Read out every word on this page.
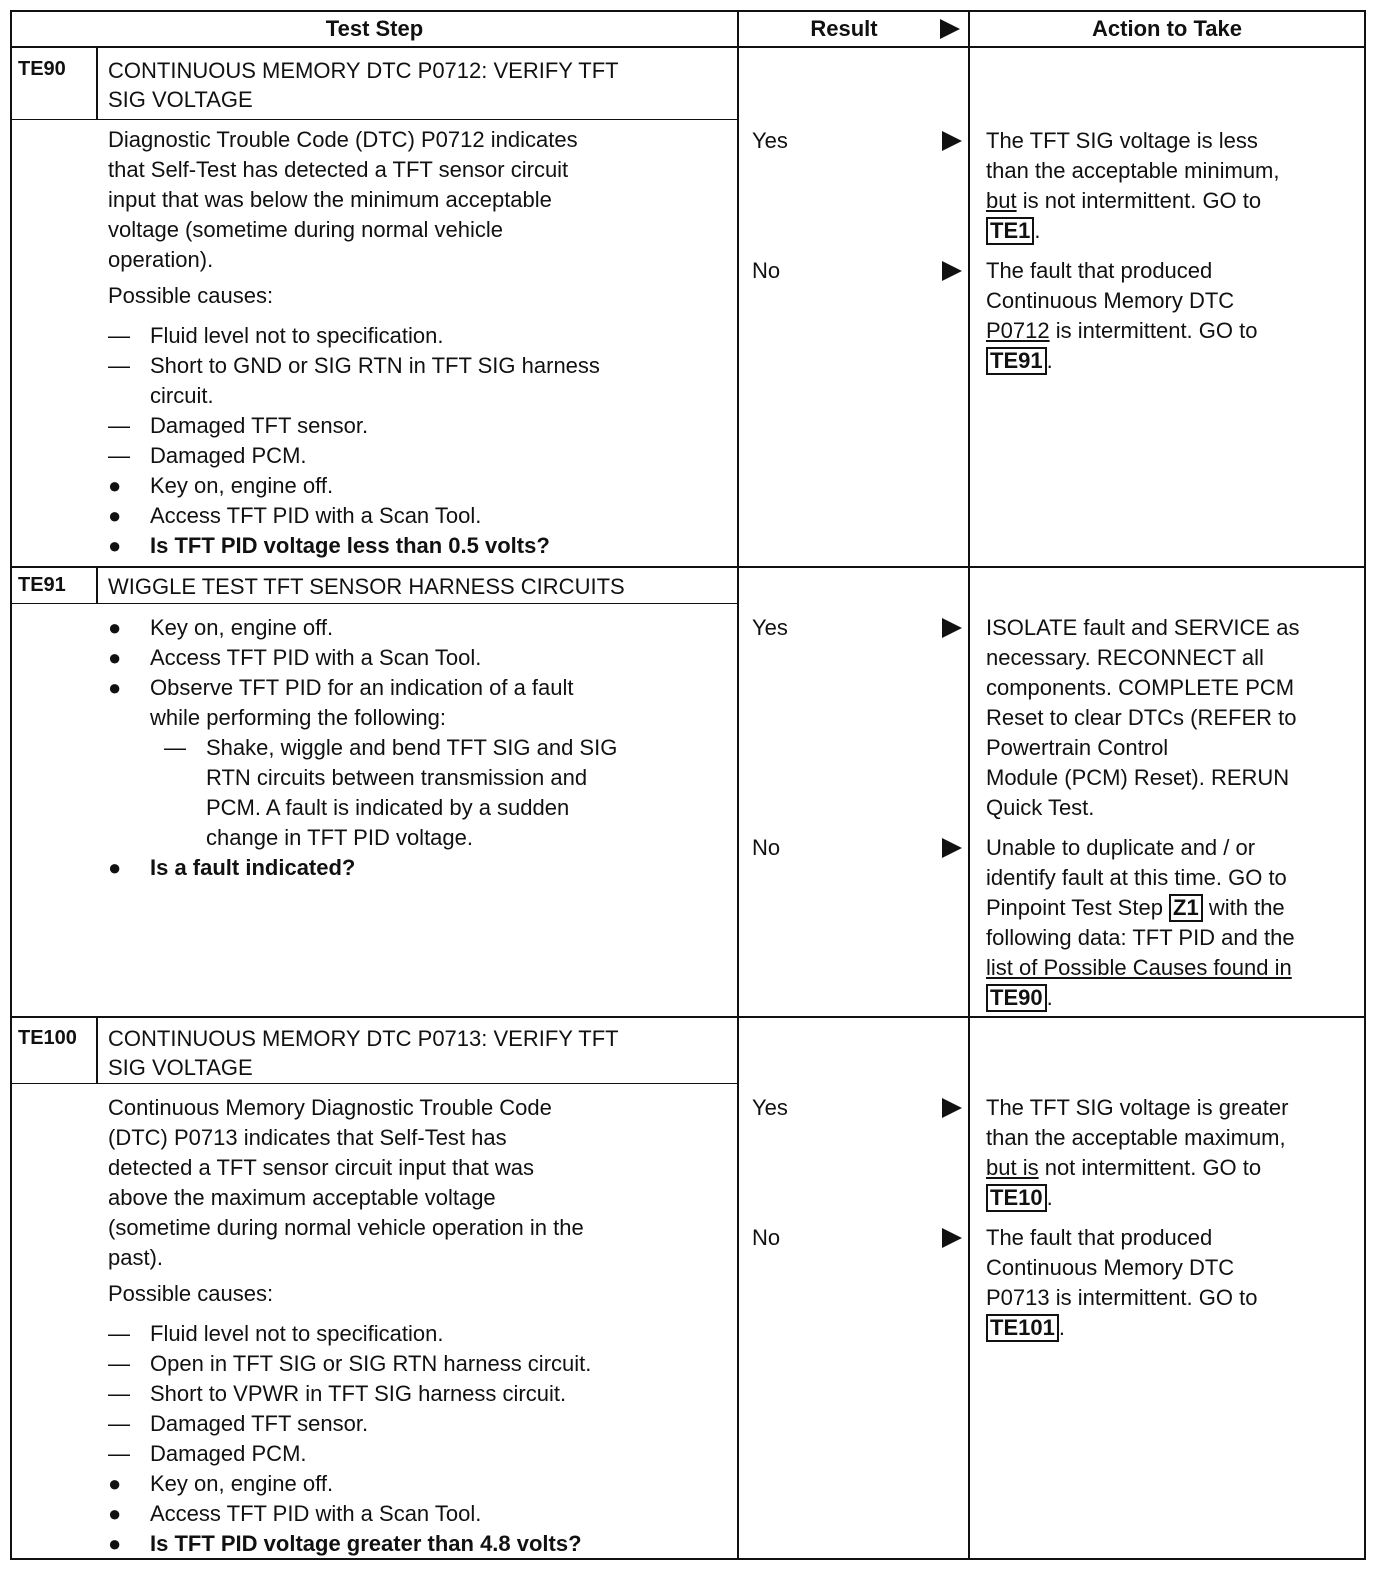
Test Step	Result	Action to Take
TE90 CONTINUOUS MEMORY DTC P0712: VERIFY TFT
SIG VOLTAGE
Diagnostic Trouble Code (DTC) P0712 indicates
that Self-Test has detected a TFT sensor circuit
input that was below the minimum acceptable
voltage (sometime during normal vehicle
operation).
Possible causes:
— Fluid level not to specification.
— Short to GND or SIG RTN in TFT SIG harness
circuit.
— Damaged TFT sensor.
— Damaged PCM.
● Key on, engine off.
● Access TFT PID with a Scan Tool.
● Is TFT PID voltage less than 0.5 volts?
Yes
No
The TFT SIG voltage is less
than the acceptable minimum,
but is not intermittent. GO to
TE1 .
The fault that produced
Continuous Memory DTC
P0712 is intermittent. GO to
TE91 .
TE91 WIGGLE TEST TFT SENSOR HARNESS CIRCUITS
● Key on, engine off.
● Access TFT PID with a Scan Tool.
● Observe TFT PID for an indication of a fault
while performing the following:
— Shake, wiggle and bend TFT SIG and SIG
RTN circuits between transmission and
PCM. A fault is indicated by a sudden
change in TFT PID voltage.
● Is a fault indicated?
Yes
No
ISOLATE fault and SERVICE as
necessary. RECONNECT all
components. COMPLETE PCM
Reset to clear DTCs (REFER to
Powertrain Control
Module (PCM) Reset). RERUN
Quick Test.
Unable to duplicate and / or
identify fault at this time. GO to
Pinpoint Test Step Z1 with the
following data: TFT PID and the
list of Possible Causes found in
TE90 .
TE100 CONTINUOUS MEMORY DTC P0713: VERIFY TFT
SIG VOLTAGE
Continuous Memory Diagnostic Trouble Code
(DTC) P0713 indicates that Self-Test has
detected a TFT sensor circuit input that was
above the maximum acceptable voltage
(sometime during normal vehicle operation in the
past).
Possible causes:
— Fluid level not to specification.
— Open in TFT SIG or SIG RTN harness circuit.
— Short to VPWR in TFT SIG harness circuit.
— Damaged TFT sensor.
— Damaged PCM.
● Key on, engine off.
● Access TFT PID with a Scan Tool.
● Is TFT PID voltage greater than 4.8 volts?
Yes
No
The TFT SIG voltage is greater
than the acceptable maximum,
but is not intermittent. GO to
TE10 .
The fault that produced
Continuous Memory DTC
P0713 is intermittent. GO to
TE101 .
